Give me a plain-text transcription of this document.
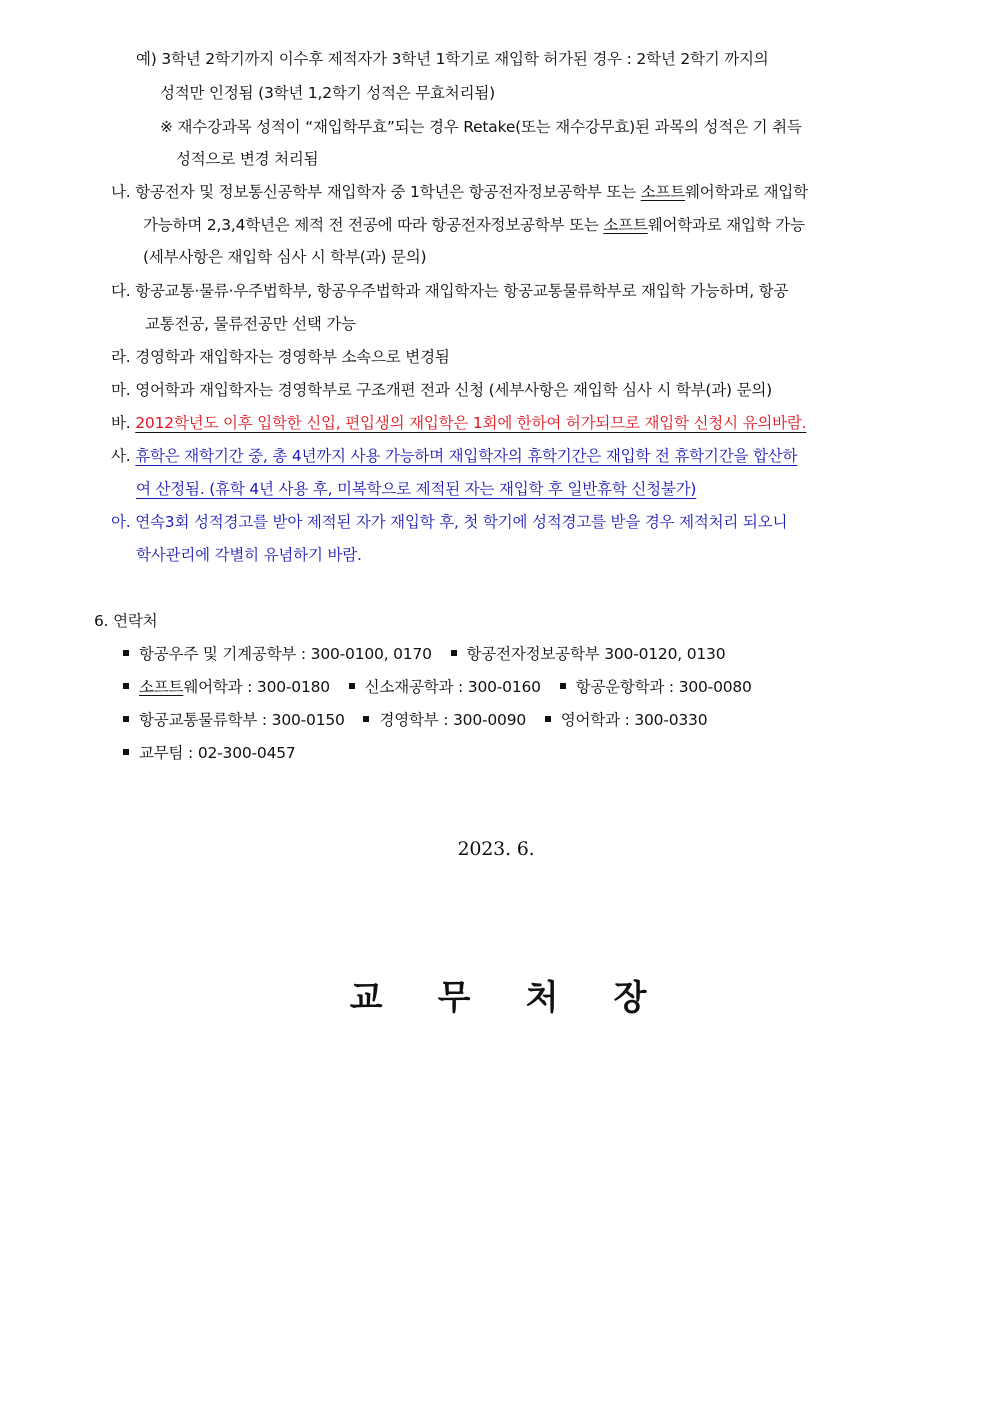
예) 3학년 2학기까지 이수후 제적자가 3학년 1학기로 재입학 허가된 경우 : 2학년 2학기 까지의
성적만 인정됨 (3학년 1,2학기 성적은 무효처리됨)
※ 재수강과목 성적이 “재입학무효”되는 경우 Retake(또는 재수강무효)된 과목의 성적은 기 취득
성적으로 변경 처리됨
나. 항공전자 및 정보통신공학부 재입학자 중 1학년은 항공전자정보공학부 또는 소프트웨어학과로 재입학
가능하며 2,3,4학년은 제적 전 전공에 따라 항공전자정보공학부 또는 소프트웨어학과로 재입학 가능
(세부사항은 재입학 심사 시 학부(과) 문의)
다. 항공교통·물류·우주법학부, 항공우주법학과 재입학자는 항공교통물류학부로 재입학 가능하며, 항공
교통전공, 물류전공만 선택 가능
라. 경영학과 재입학자는 경영학부 소속으로 변경됨
마. 영어학과 재입학자는 경영학부로 구조개편 전과 신청 (세부사항은 재입학 심사 시 학부(과) 문의)
바. 2012학년도 이후 입학한 신입, 편입생의 재입학은 1회에 한하여 허가되므로 재입학 신청시 유의바람.
사. 휴학은 재학기간 중, 총 4년까지 사용 가능하며 재입학자의 휴학기간은 재입학 전 휴학기간을 합산하
여 산정됨. (휴학 4년 사용 후, 미복학으로 제적된 자는 재입학 후 일반휴학 신청불가)
아. 연속3회 성적경고를 받아 제적된 자가 재입학 후, 첫 학기에 성적경고를 받을 경우 제적처리 되오니
학사관리에 각별히 유념하기 바람.
6. 연락처
항공우주 및 기계공학부 : 300-0100, 0170 항공전자정보공학부 300-0120, 0130
소프트웨어학과 : 300-0180 신소재공학과 : 300-0160 항공운항학과 : 300-0080
항공교통물류학부 : 300-0150 경영학부 : 300-0090 영어학과 : 300-0330
교무팀 : 02-300-0457
2023. 6.
교 무 처 장
